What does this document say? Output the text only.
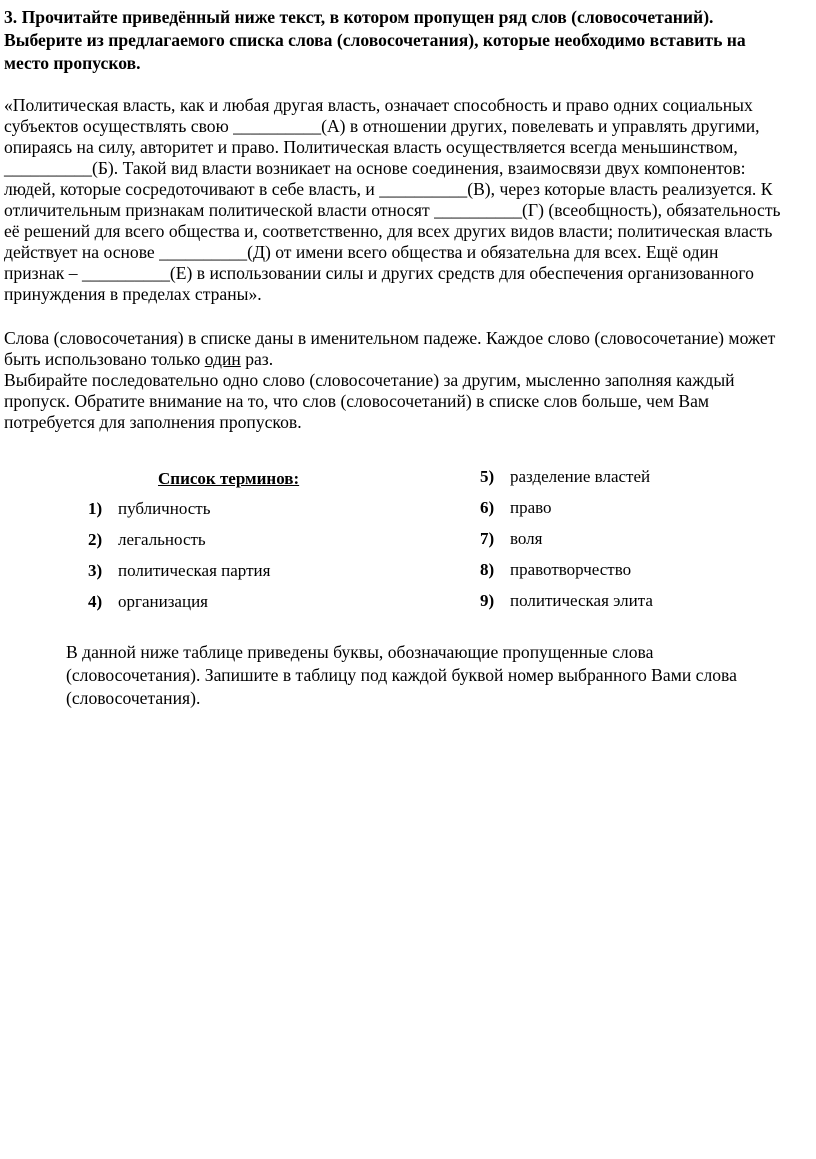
3. Прочитайте приведённый ниже текст, в котором пропущен ряд слов (словосочетаний).
Выберите из предлагаемого списка слова (словосочетания), которые необходимо вставить на
место пропусков.
«Политическая власть, как и любая другая власть, означает способность и право одних социальных
субъектов осуществлять свою __________(А) в отношении других, повелевать и управлять другими,
опираясь на силу, авторитет и право. Политическая власть осуществляется всегда меньшинством,
__________(Б). Такой вид власти возникает на основе соединения, взаимосвязи двух компонентов:
людей, которые сосредоточивают в себе власть, и __________(В), через которые власть реализуется. К
отличительным признакам политической власти относят __________(Г) (всеобщность), обязательность
её решений для всего общества и, соответственно, для всех других видов власти; политическая власть
действует на основе __________(Д) от имени всего общества и обязательна для всех. Ещё один
признак – __________(Е) в использовании силы и других средств для обеспечения организованного
принуждения в пределах страны».
Слова (словосочетания) в списке даны в именительном падеже. Каждое слово (словосочетание) может
быть использовано только один раз.
Выбирайте последовательно одно слово (словосочетание) за другим, мысленно заполняя каждый
пропуск. Обратите внимание на то, что слов (словосочетаний) в списке слов больше, чем Вам
потребуется для заполнения пропусков.
Список терминов:
1) публичность
2) легальность
3) политическая партия
4) организация
5) разделение властей
6) право
7) воля
8) правотворчество
9) политическая элита
В данной ниже таблице приведены буквы, обозначающие пропущенные слова
(словосочетания). Запишите в таблицу под каждой буквой номер выбранного Вами слова
(словосочетания).
